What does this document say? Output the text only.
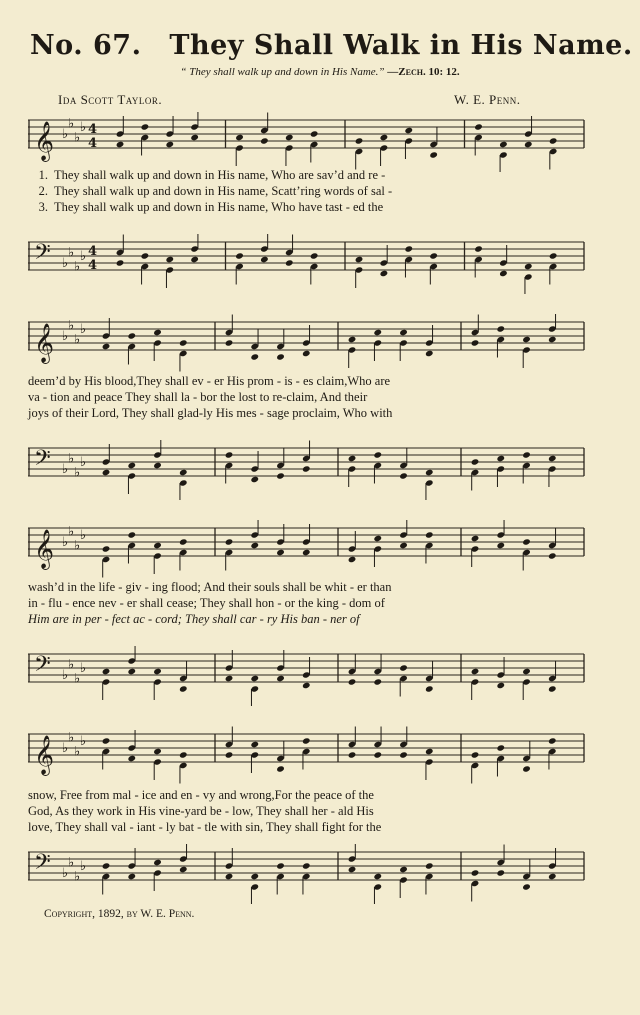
No. 67. They Shall Walk in His Name.
“ They shall walk up and down in His Name.” —Zech. 10: 12.
Ida Scott Taylor.	W. E. Penn.
𝄞 ♭
♭
♭
♭ 4
4
1. They shall walk up and down in His name, Who are sav’d and re -
2. They shall walk up and down in His name, Scatt’ring words of sal -
3. They shall walk up and down in His name, Who have tast - ed the
𝄢 ♭
♭
♭
♭ 4
4
𝄞 ♭
♭
♭
♭
deem’d by His blood,They shall ev - er His prom - is - es claim,Who are
va - tion and peace They shall la - bor the lost to re-claim, And their
joys of their Lord, They shall glad-ly His mes - sage proclaim, Who with
𝄢 ♭
♭
♭
♭
𝄞 ♭
♭
♭
♭
wash’d in the life - giv - ing flood; And their souls shall be whit - er than
in - flu - ence nev - er shall cease; They shall hon - or the king - dom of
Him are in per - fect ac - cord; They shall car - ry His ban - ner of
𝄢 ♭
♭
♭
♭
𝄞 ♭
♭
♭
♭
snow, Free from mal - ice and en - vy and wrong,For the peace of the
God, As they work in His vine-yard be - low, They shall her - ald His
love, They shall val - iant - ly bat - tle with sin, They shall fight for the
𝄢 ♭
♭
♭
♭
Copyright, 1892, by W. E. Penn.
